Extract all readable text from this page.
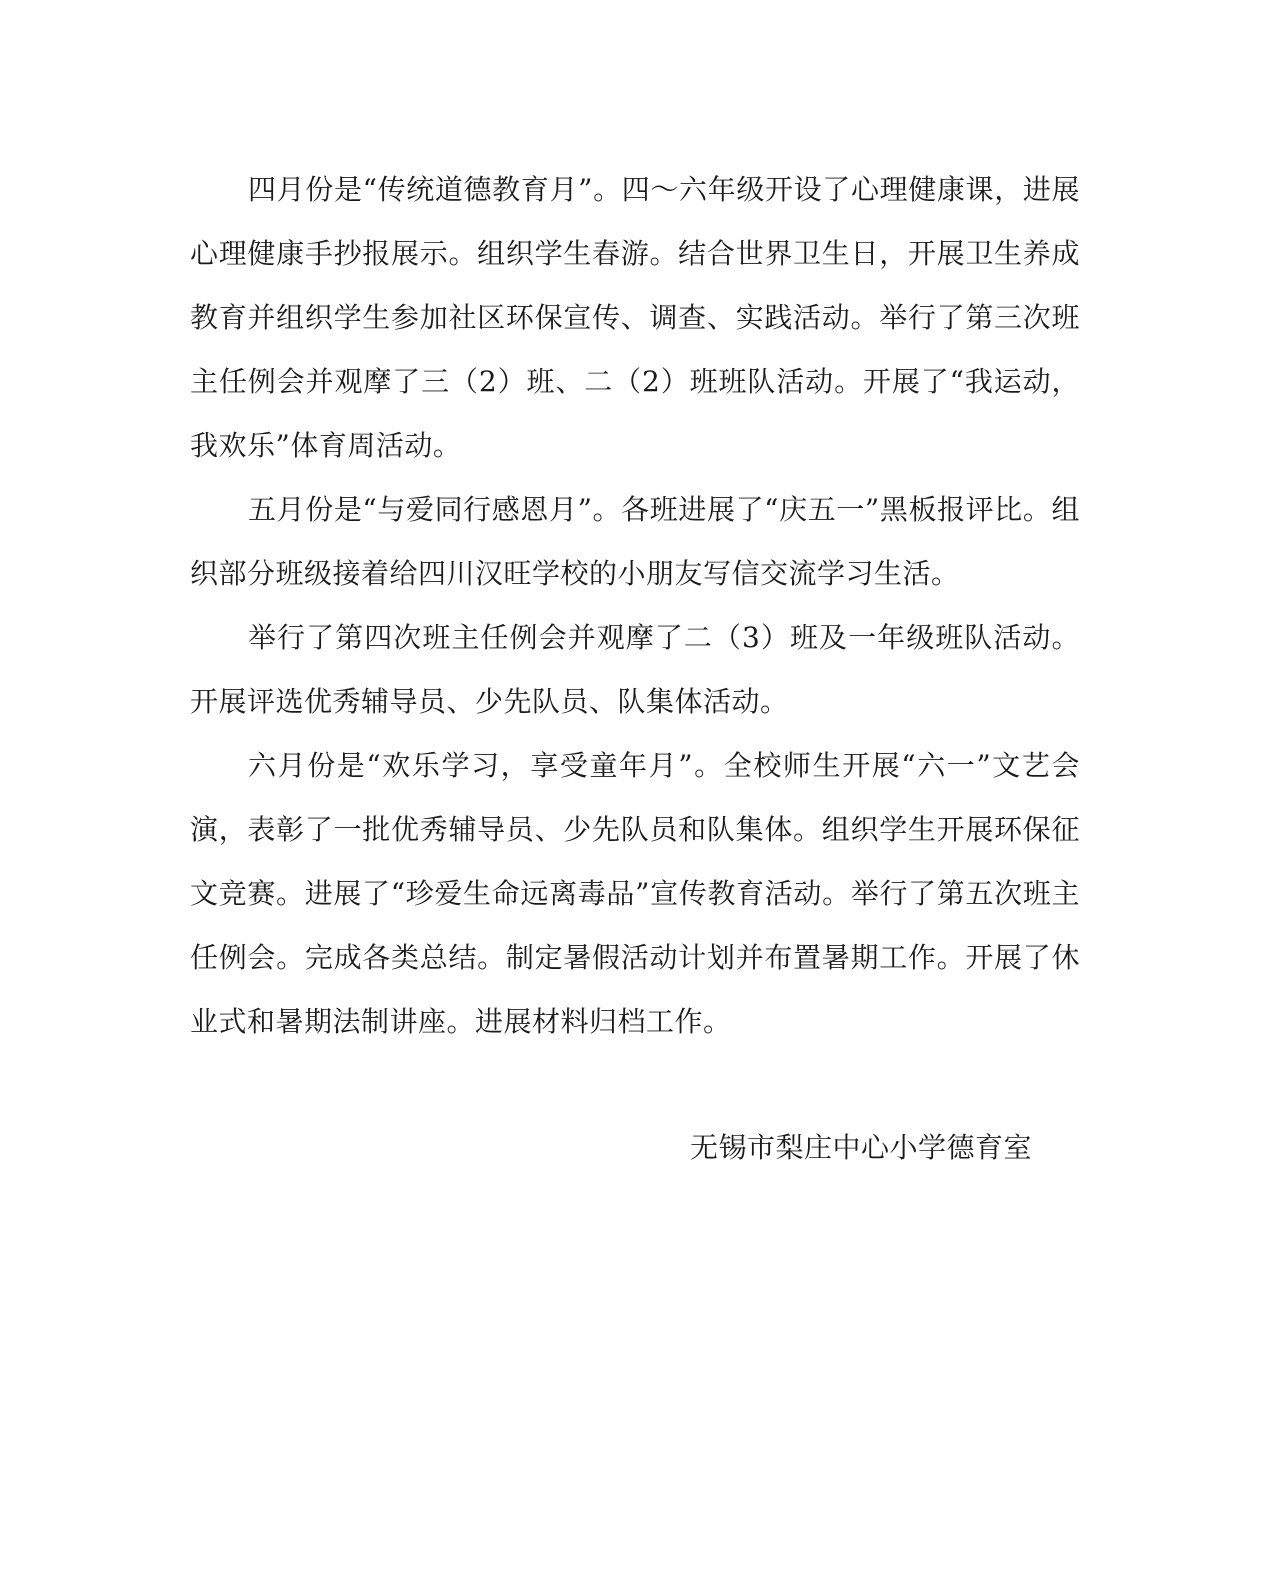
四月份是“传统道德教育月”。四～六年级开设了心理健康课，进展心理健康手抄报展示。组织学生春游。结合世界卫生日，开展卫生养成教育并组织学生参加社区环保宣传、调查、实践活动。举行了第三次班主任例会并观摩了三（2）班、二（2）班班队活动。开展了“我运动，我欢乐”体育周活动。

五月份是“与爱同行感恩月”。各班进展了“庆五一”黑板报评比。组织部分班级接着给四川汉旺学校的小朋友写信交流学习生活。

举行了第四次班主任例会并观摩了二（3）班及一年级班队活动。开展评选优秀辅导员、少先队员、队集体活动。

六月份是“欢乐学习，享受童年月”。全校师生开展“六一”文艺会演，表彰了一批优秀辅导员、少先队员和队集体。组织学生开展环保征文竞赛。进展了“珍爱生命远离毒品”宣传教育活动。举行了第五次班主任例会。完成各类总结。制定暑假活动计划并布置暑期工作。开展了休业式和暑期法制讲座。进展材料归档工作。

无锡市梨庄中心小学德育室
